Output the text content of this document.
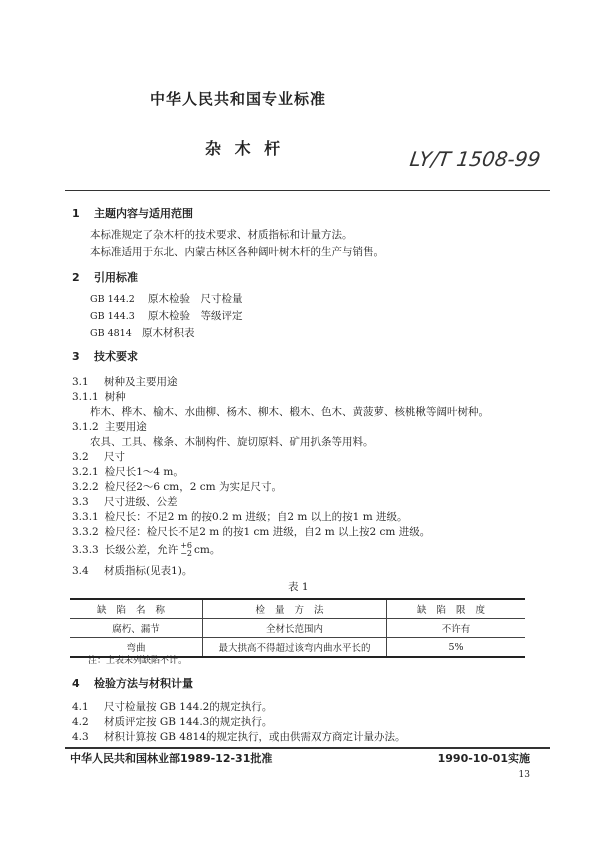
中华人民共和国专业标准
杂 木 杆	LY/T 1508-99
1 主题内容与适用范围
本标准规定了杂木杆的技术要求、材质指标和计量方法。
本标准适用于东北、内蒙古林区各种阔叶树木杆的生产与销售。
2 引用标准
GB 144.2 原木检验　尺寸检量
GB 144.3 原木检验　等级评定
GB 4814 原木材积表
3 技术要求
3.1 树种及主要用途
3.1.1 树种
柞木、桦木、榆木、水曲柳、杨木、柳木、椴木、色木、黄菠萝、核桃楸等阔叶树种。
3.1.2 主要用途
农具、工具、椽条、木制构件、旋切原料、矿用扒条等用料。
3.2 尺寸
3.2.1 检尺长1～4 m。
3.2.2 检尺径2～6 cm，2 cm 为实足尺寸。
3.3 尺寸进级、公差
3.3.1 检尺长：不足2 m 的按0.2 m 进级；自2 m 以上的按1 m 进级。
3.3.2 检尺径：检尺长不足2 m 的按1 cm 进级，自2 m 以上按2 cm 进级。
3.3.3 长级公差，允许 +6
−2 cm。
3.4 材质指标(见表1)。
表 1
缺陷名称	检量方法	缺陷限度
腐朽、漏节	全材长范围内	不许有
弯曲	最大拱高不得超过该弯内曲水平长的	5%
注：上表未列缺陷不计。
4 检验方法与材积计量
4.1 尺寸检量按 GB 144.2的规定执行。
4.2 材质评定按 GB 144.3的规定执行。
4.3 材积计算按 GB 4814的规定执行，或由供需双方商定计量办法。
中华人民共和国林业部1989-12-31批准	1990-10-01实施
13
